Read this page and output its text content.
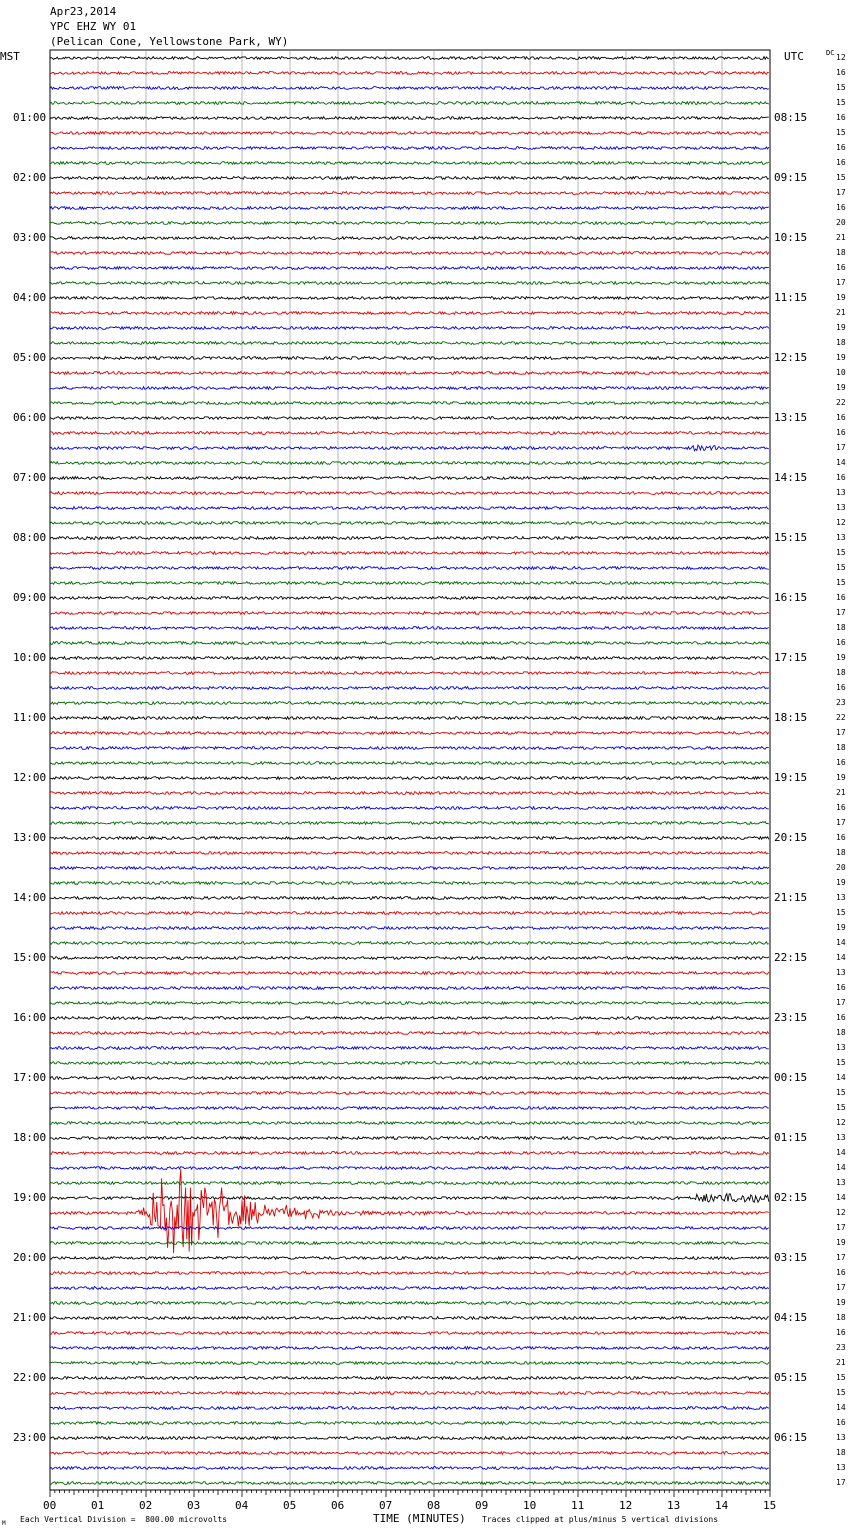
Apr23,2014
YPC EHZ WY 01
(Pelican Cone, Yellowstone Park, WY)
MST	UTC	DC
01:00
02:00
03:00
04:00
05:00
06:00
07:00
08:00
09:00
10:00
11:00
12:00
13:00
14:00
15:00
16:00
17:00
18:00
19:00
20:00
21:00
22:00
23:00
08:15
09:15
10:15
11:15
12:15
13:15
14:15
15:15
16:15
17:15
18:15
19:15
20:15
21:15
22:15
23:15
00:15
01:15
02:15
03:15
04:15
05:15
06:15
12
16
15
15
16
15
16
16
15
17
16
20
21
18
16
17
19
21
19
18
19
10
19
22
16
16
17
14
16
13
13
12
13
15
15
15
16
17
18
16
19
18
16
23
22
17
18
16
19
21
16
17
16
18
20
19
13
15
19
14
14
13
16
17
16
18
13
15
14
15
15
12
13
14
14
13
14
12
17
19
17
16
17
19
18
16
23
21
15
15
14
16
13
18
13
17
00	01	02	03	04	05	06	07	08	09	10	11	12	13	14	15
TIME (MINUTES)
Each Vertical Division =  800.00 microvolts	Traces clipped at plus/minus 5 vertical divisions
M
